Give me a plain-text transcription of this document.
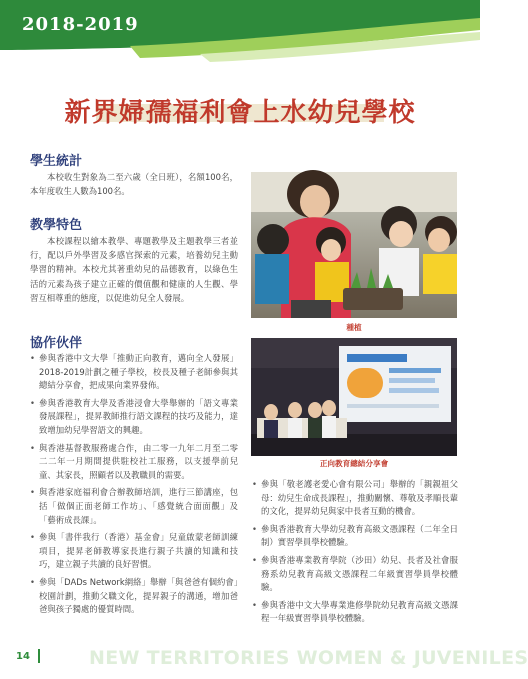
2018-2019
新界婦孺福利會上水幼兒學校
學生統計
本校收生對象為二至六歲（全日班），名額100名，本年度收生人數為100名。
教學特色
本校課程以繪本教學、專題教學及主題教學三者並行，配以戶外學習及多感官探索的元素，培養幼兒主動學習的精神。本校尤其著重幼兒的品德教育，以綠色生活的元素為孩子建立正確的價值觀和健康的人生觀、學習互相尊重的態度，以促進幼兒全人發展。
協作伙伴
• 參與香港中文大學「推動正向教育，邁向全人發展」2018-2019計劃之種子學校，校長及種子老師參與其總結分享會，把成果向業界發佈。
• 參與香港教育大學及香港浸會大學舉辦的「語文專業發展課程」，提昇教師推行語文課程的技巧及能力，達致增加幼兒學習語文的興趣。
• 與香港基督教服務處合作，由二零一九年二月至二零二二年一月期間提供駐校社工服務，以支援學前兒童、其家長，照顧者以及教職員的需要。
• 與香港家庭福利會合辦教師培訓，進行三節講座，包括「做個正面老師工作坊」、「感覺統合面面觀」及「藝術成長課」。
• 參與「書伴我行（香港）基金會」兒童啟蒙老師訓練項目，提昇老師教導家長進行親子共讀的知識和技巧，建立親子共讀的良好習慣。
• 參與「DADs Network網絡」舉辦「與爸爸有個約會」校園計劃，推動父職文化，提昇親子的溝通，增加爸爸與孩子獨處的優質時間。
種植
正向教育總結分享會
• 參與「敬老護老愛心會有限公司」舉辦的「親親祖父母：幼兒生命成長課程」，推動關懷、尊敬及孝順長輩的文化，提昇幼兒與家中長者互動的機會。
• 參與香港教育大學幼兒教育高級文憑課程（二年全日制）實習學員學校體驗。
• 參與香港專業教育學院（沙田）幼兒、長者及社會服務系幼兒教育高級文憑課程二年級實習學員學校體驗。
• 參與香港中文大學專業進修學院幼兒教育高級文憑課程一年級實習學員學校體驗。
14	NEW TERRITORIES WOMEN & JUVENILES
